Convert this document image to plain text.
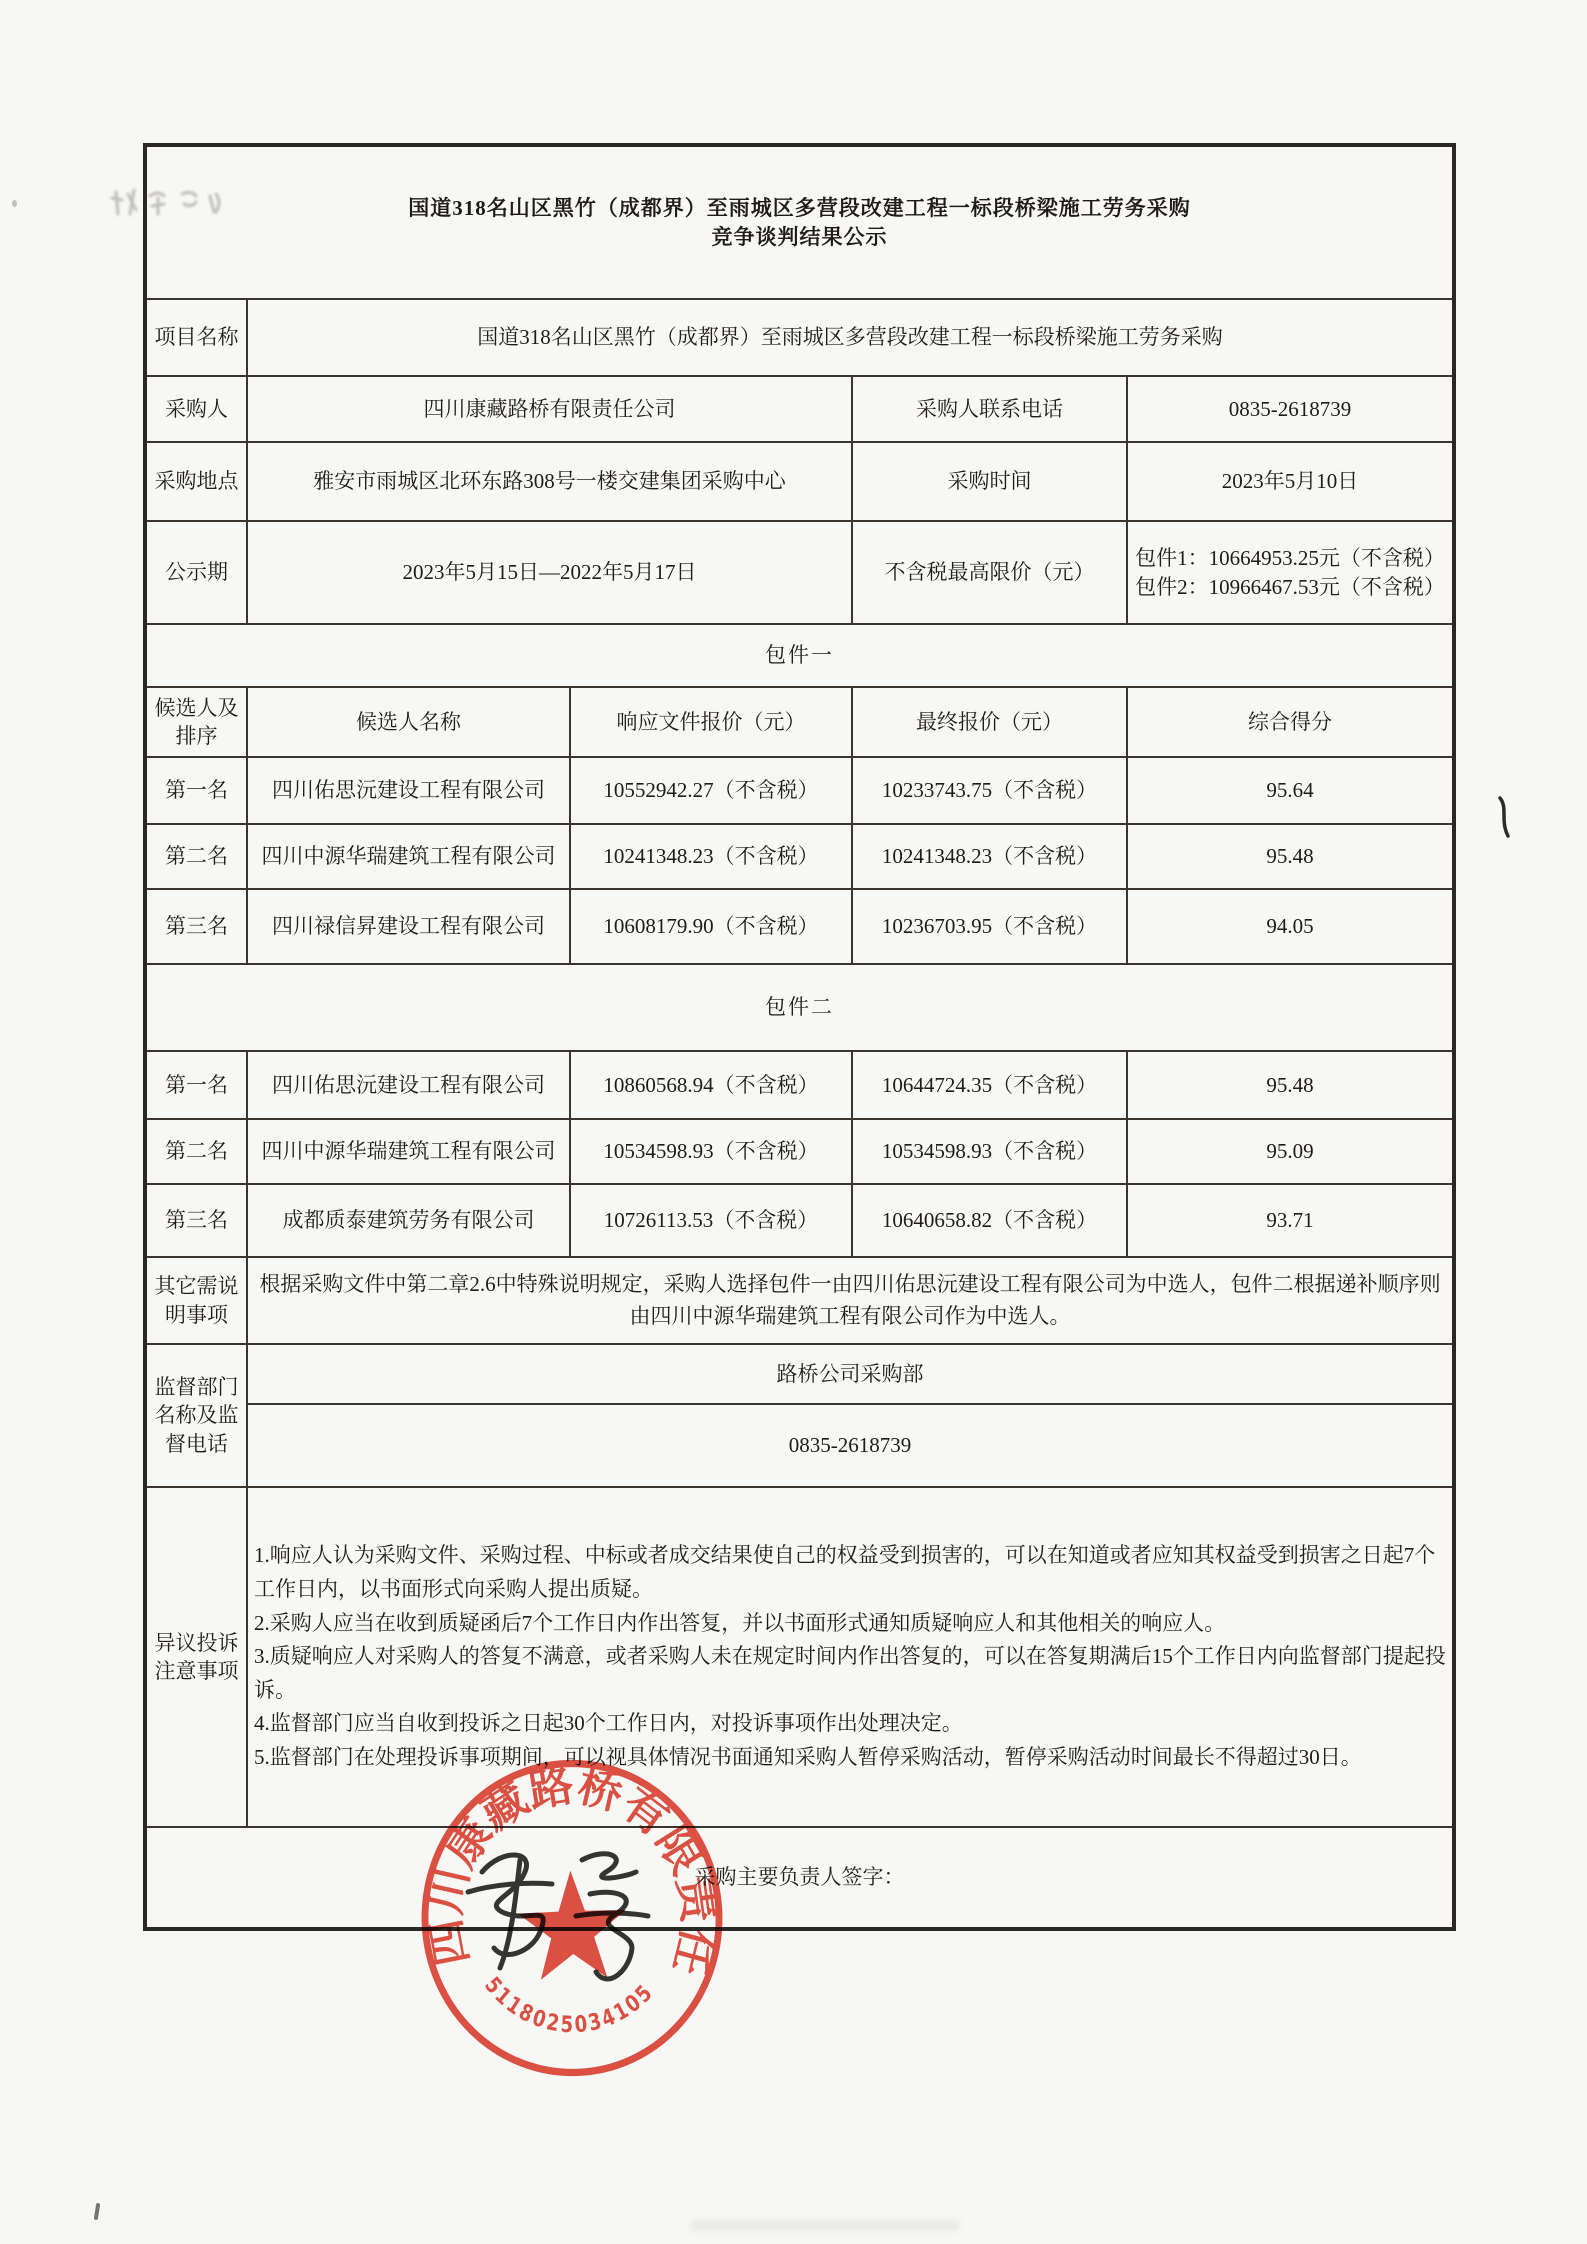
国道318名山区黑竹（成都界）至雨城区多营段改建工程一标段桥梁施工劳务采购
竞争谈判结果公示				

项目名称	国道318名山区黑竹（成都界）至雨城区多营段改建工程一标段桥梁施工劳务采购			
采购人	四川康藏路桥有限责任公司		采购人联系电话	0835-2618739
采购地点	雅安市雨城区北环东路308号一楼交建集团采购中心		采购时间	2023年5月10日
公示期	2023年5月15日—2022年5月17日		不含税最高限价（元）	包件1：10664953.25元（不含税）
包件2：10966467.53元（不含税）

包件一				
候选人及排序	候选人名称	响应文件报价（元）	最终报价（元）	综合得分
第一名	四川佑思沅建设工程有限公司	10552942.27（不含税）	10233743.75（不含税）	95.64
第二名	四川中源华瑞建筑工程有限公司	10241348.23（不含税）	10241348.23（不含税）	95.48
第三名	四川禄信昇建设工程有限公司	10608179.90（不含税）	10236703.95（不含税）	94.05
包件二				
第一名	四川佑思沅建设工程有限公司	10860568.94（不含税）	10644724.35（不含税）	95.48
第二名	四川中源华瑞建筑工程有限公司	10534598.93（不含税）	10534598.93（不含税）	95.09
第三名	成都质泰建筑劳务有限公司	10726113.53（不含税）	10640658.82（不含税）	93.71
其它需说明事项	根据采购文件中第二章2.6中特殊说明规定，采购人选择包件一由四川佑思沅建设工程有限公司为中选人，包件二根据递补顺序则由四川中源华瑞建筑工程有限公司作为中选人。			
监督部门名称及监督电话	路桥公司采购部			
	0835-2618739			
异议投诉注意事项	1.响应人认为采购文件、采购过程、中标或者成交结果使自己的权益受到损害的，可以在知道或者应知其权益受到损害之日起7个工作日内，以书面形式向采购人提出质疑。
2.采购人应当在收到质疑函后7个工作日内作出答复，并以书面形式通知质疑响应人和其他相关的响应人。
3.质疑响应人对采购人的答复不满意，或者采购人未在规定时间内作出答复的，可以在答复期满后15个工作日内向监督部门提起投诉。
4.监督部门应当自收到投诉之日起30个工作日内，对投诉事项作出处理决定。
5.监督部门在处理投诉事项期间，可以视具体情况书面通知采购人暂停采购活动，暂停采购活动时间最长不得超过30日。			

采购主要负责人签字：				
四川康藏路桥有限责任公司
5118025034105
